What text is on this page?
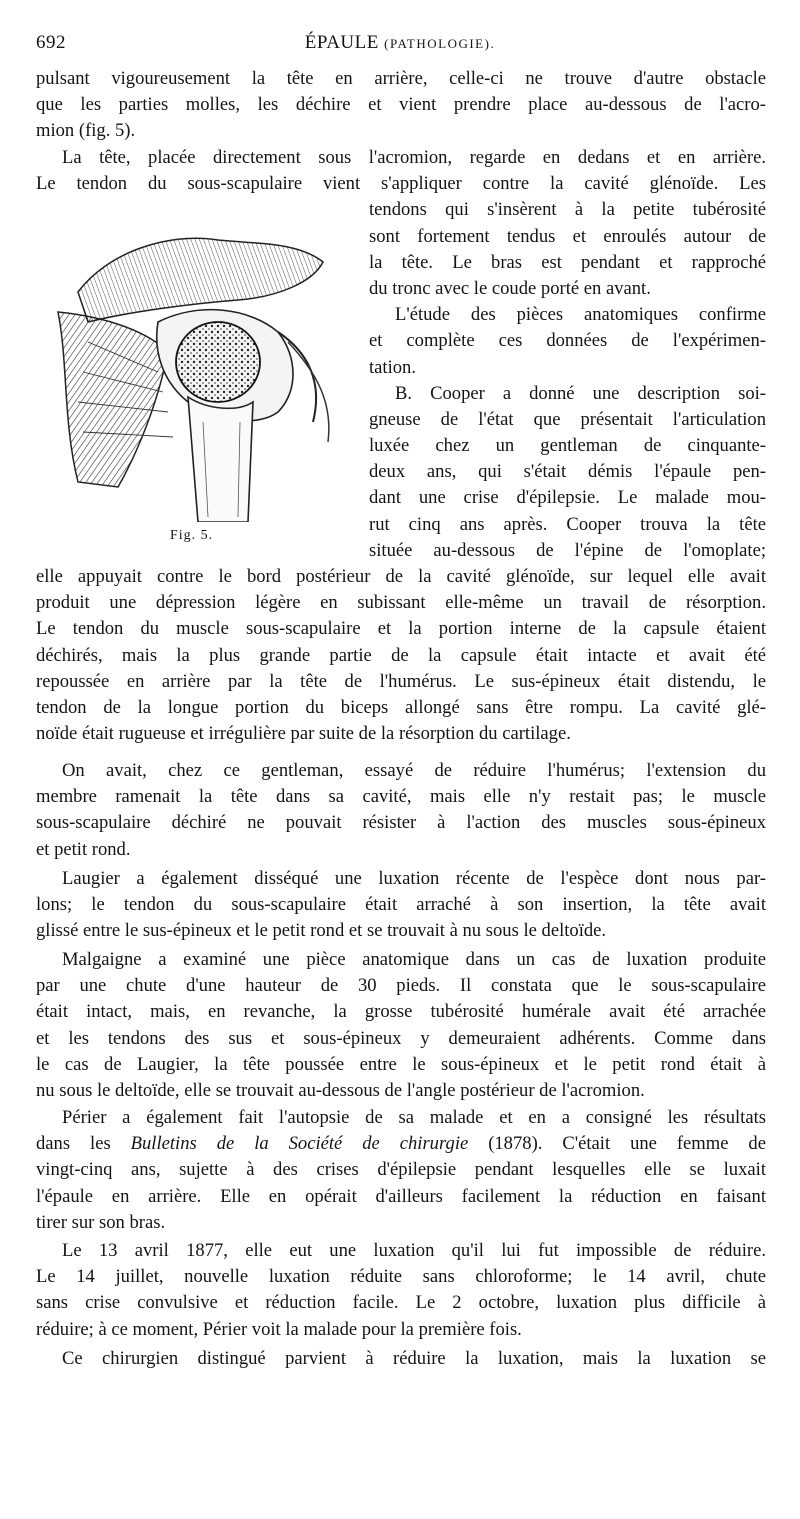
692	ÉPAULE (PATHOLOGIE).
Fig. 5.
pulsant vigoureusement la tête en arrière, celle-ci ne trouve d'autre obstacle
que les parties molles, les déchire et vient prendre place au-dessous de l'acro-
mion (fig. 5).
La tête, placée directement sous l'acromion, regarde en dedans et en arrière.
Le tendon du sous-scapulaire vient s'appliquer contre la cavité glénoïde. Les
tendons qui s'insèrent à la petite tubérosité
sont fortement tendus et enroulés autour de
la tête. Le bras est pendant et rapproché
du tronc avec le coude porté en avant.
L'étude des pièces anatomiques confirme
et complète ces données de l'expérimen-
tation.
B. Cooper a donné une description soi-
gneuse de l'état que présentait l'articulation
luxée chez un gentleman de cinquante-
deux ans, qui s'était démis l'épaule pen-
dant une crise d'épilepsie. Le malade mou-
rut cinq ans après. Cooper trouva la tête
située au-dessous de l'épine de l'omoplate;
elle appuyait contre le bord postérieur de la cavité glénoïde, sur lequel elle avait
produit une dépression légère en subissant elle-même un travail de résorption.
Le tendon du muscle sous-scapulaire et la portion interne de la capsule étaient
déchirés, mais la plus grande partie de la capsule était intacte et avait été
repoussée en arrière par la tête de l'humérus. Le sus-épineux était distendu, le
tendon de la longue portion du biceps allongé sans être rompu. La cavité glé-
noïde était rugueuse et irrégulière par suite de la résorption du cartilage.
On avait, chez ce gentleman, essayé de réduire l'humérus; l'extension du
membre ramenait la tête dans sa cavité, mais elle n'y restait pas; le muscle
sous-scapulaire déchiré ne pouvait résister à l'action des muscles sous-épineux
et petit rond.
Laugier a également disséqué une luxation récente de l'espèce dont nous par-
lons; le tendon du sous-scapulaire était arraché à son insertion, la tête avait
glissé entre le sus-épineux et le petit rond et se trouvait à nu sous le deltoïde.
Malgaigne a examiné une pièce anatomique dans un cas de luxation produite
par une chute d'une hauteur de 30 pieds. Il constata que le sous-scapulaire
était intact, mais, en revanche, la grosse tubérosité humérale avait été arrachée
et les tendons des sus et sous-épineux y demeuraient adhérents. Comme dans
le cas de Laugier, la tête poussée entre le sous-épineux et le petit rond était à
nu sous le deltoïde, elle se trouvait au-dessous de l'angle postérieur de l'acromion.
Périer a également fait l'autopsie de sa malade et en a consigné les résultats
dans les Bulletins de la Société de chirurgie (1878). C'était une femme de
vingt-cinq ans, sujette à des crises d'épilepsie pendant lesquelles elle se luxait
l'épaule en arrière. Elle en opérait d'ailleurs facilement la réduction en faisant
tirer sur son bras.
Le 13 avril 1877, elle eut une luxation qu'il lui fut impossible de réduire.
Le 14 juillet, nouvelle luxation réduite sans chloroforme; le 14 avril, chute
sans crise convulsive et réduction facile. Le 2 octobre, luxation plus difficile à
réduire; à ce moment, Périer voit la malade pour la première fois.
Ce chirurgien distingué parvient à réduire la luxation, mais la luxation se
